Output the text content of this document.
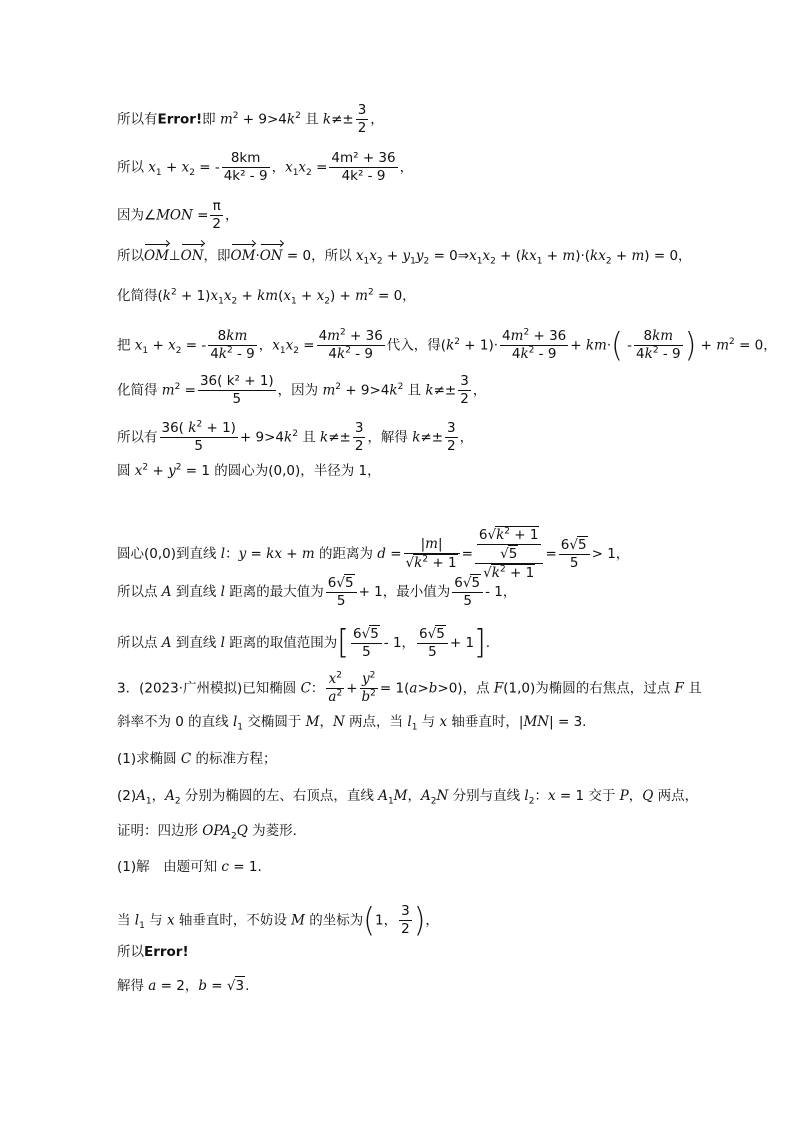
所以有Error!即 $m^2 + 9>4k^2$ 且 $k\ne\pm \frac{3}{2}$ ，
所以 $x_1 + x_2$ = - $\frac{8km}{\text{4k² - 9}}$ ，$x_1x_2 = \frac{\text{4m² + 36}}{\text{4k² - 9}}$ ，
因为∠MON = $\frac{\pi}{2}$ ，
所以OM⊥ON，即OM·ON = 0，所以 $x_1x_2 + y_1y_2$ = $0\Rightarrow x_1x_2 + (kx_1 + m)\cdot(kx_2 + m) = 0$，
化简得$(k^2 + 1)x_1x_2 + km(x_1 + x_2) + m^2 = 0$，
把 $x_1 + x_2$ = - $\frac{8km}{4k^2 - 9}$ ，$x_1x_2 = \frac{4m^2 + 36}{4k^2 - 9}$ 代入，得$(k^2 + 1)\cdot \frac{4m^2 + 36}{4k^2 - 9} + km\cdot( - \frac{8km}{4k^2 - 9}$ ) + $m^2 = 0$，
化简得 $m^2 = \frac{\text{36( k² + 1)}}{5}$ ，因为 $m^2 + 9>4k^2$ 且 $k\ne\pm \frac{3}{2}$ ，
所以有 $\frac{36( k^2 + 1)}{5} + 9>4k^2$ 且 $k\ne\pm \frac{3}{2}$ ，解得 $k\ne\pm \frac{3}{2}$ ，
圆 $x^2 + y^2 = 1$ 的圆心为(0,0)，半径为 1，
圆心(0,0)到直线 l：y = kx + m 的距离为 $d = \frac{|m|}{√k^2 + 1} = \frac{\frac{6√k^2 + 1}{√5}}{√k^2 + 1} = \frac{6√5}{5} > 1$，
所以点 A 到直线 l 距离的最大值为 $\frac{6√5}{5} + 1$，最小值为 $\frac{6√5}{5} - 1$，
所以点 A 到直线 l 距离的取值范围为[ $\frac{6√5}{5} - 1$， $\frac{6√5}{5} + 1$].
3．(2023·广州模拟)已知椭圆 C： $\frac{x^2}{a^2} + \frac{y^2}{b^2} = 1(a>b>0)$，点 F(1,0)为椭圆的右焦点，过点 F 且
斜率不为 0 的直线 $l_1$ 交椭圆于 M，N 两点，当 $l_1$ 与 x 轴垂直时，|MN| = 3.
(1)求椭圆 C 的标准方程；
$(2)A_1$，$A_2$ 分别为椭圆的左、右顶点，直线 $A_1M$，$A_2N$ 分别与直线 $l_2$：x = 1 交于 P，Q 两点，
证明：四边形 $OPA_2Q$ 为菱形．
(1)解　由题可知 c = 1.
当 $l_1$ 与 x 轴垂直时，不妨设 M 的坐标为(1， $\frac{3}{2}$ )，
所以Error!
解得 a = 2，b = √3.
